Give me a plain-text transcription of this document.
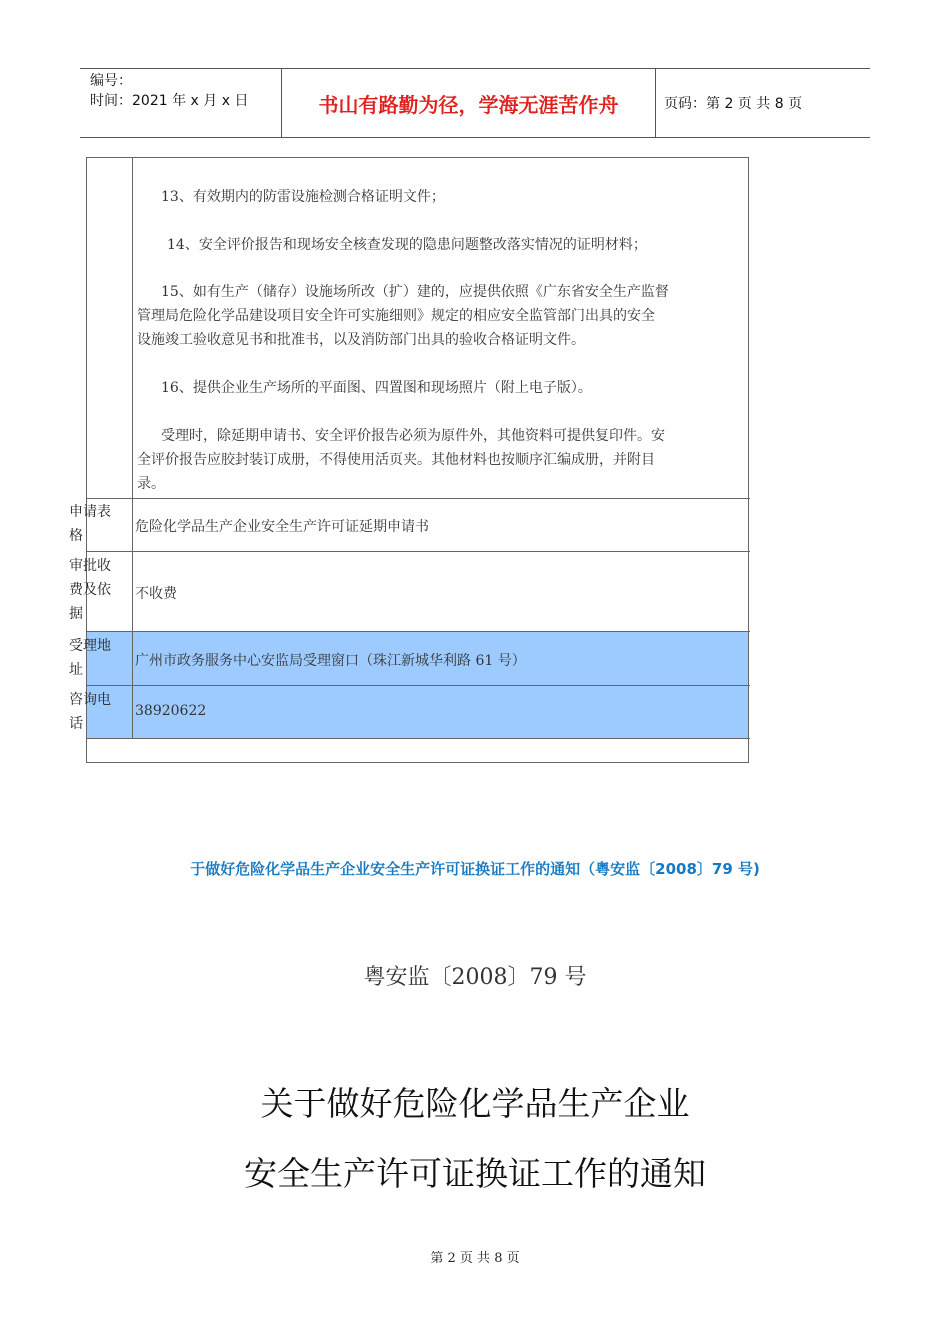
编号：
时间：2021 年 x 月 x 日	书山有路勤为径，学海无涯苦作舟	页码：第 2 页 共 8 页
13、有效期内的防雷设施检测合格证明文件；
14、安全评价报告和现场安全核查发现的隐患问题整改落实情况的证明材料；
15、如有生产（储存）设施场所改（扩）建的，应提供依照《广东省安全生产监督
管理局危险化学品建设项目安全许可实施细则》规定的相应安全监管部门出具的安全
设施竣工验收意见书和批准书，以及消防部门出具的验收合格证明文件。
16、提供企业生产场所的平面图、四置图和现场照片（附上电子版）。
受理时，除延期申请书、安全评价报告必须为原件外，其他资料可提供复印件。安
全评价报告应胶封装订成册，不得使用活页夹。其他材料也按顺序汇编成册，并附目
录。
申请表
格
危险化学品生产企业安全生产许可证延期申请书
审批收
费及依
据
不收费
受理地
址
广州市政务服务中心安监局受理窗口（珠江新城华利路 61 号）
咨询电
话
38920622
于做好危险化学品生产企业安全生产许可证换证工作的通知（粤安监〔2008〕79 号)
粤安监〔2008〕79 号
关于做好危险化学品生产企业
安全生产许可证换证工作的通知
第 2 页 共 8 页
